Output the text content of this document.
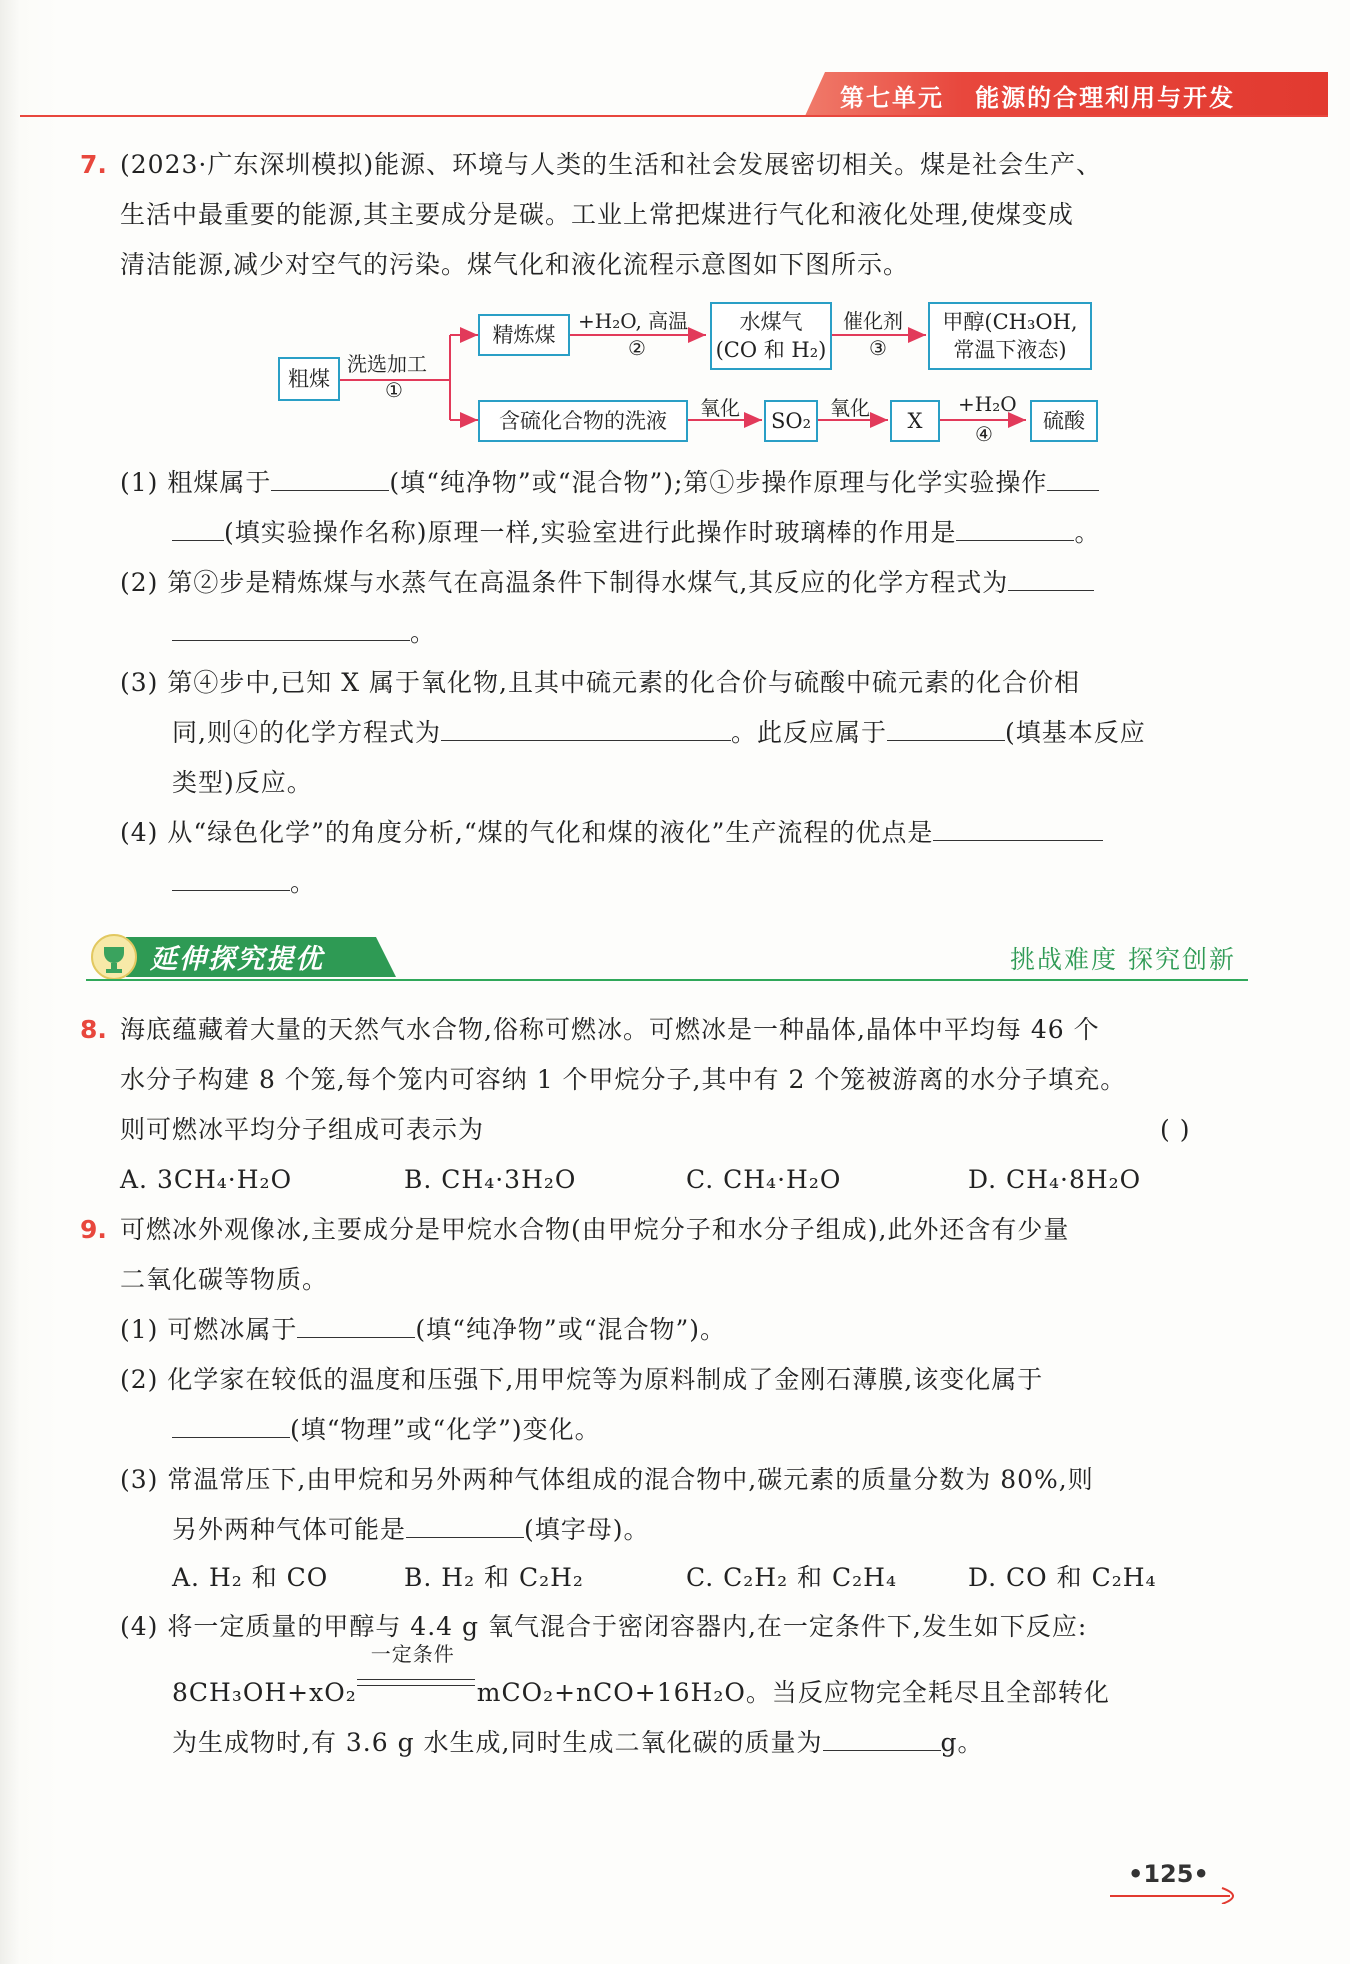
第七单元 能源的合理利用与开发
7. (2023·广东深圳模拟)能源、环境与人类的生活和社会发展密切相关。煤是社会生产、
生活中最重要的能源,其主要成分是碳。工业上常把煤进行气化和液化处理,使煤变成
清洁能源,减少对空气的污染。煤气化和液化流程示意图如下图所示。
粗煤
洗选加工
①
精炼煤
+H₂O, 高温
②
水煤气
(CO 和 H₂)
催化剂
③
甲醇(CH₃OH,
常温下液态)
含硫化合物的洗液
氧化
SO₂
氧化
X
+H₂O
④
硫酸
(1) 粗煤属于	(填“纯净物”或“混合物”);第①步操作原理与化学实验操作
(填实验操作名称)原理一样,实验室进行此操作时玻璃棒的作用是	。
(2) 第②步是精炼煤与水蒸气在高温条件下制得水煤气,其反应的化学方程式为
。
(3) 第④步中,已知 X 属于氧化物,且其中硫元素的化合价与硫酸中硫元素的化合价相
同,则④的化学方程式为	。此反应属于	(填基本反应
类型)反应。
(4) 从“绿色化学”的角度分析,“煤的气化和煤的液化”生产流程的优点是
。
延伸探究提优	挑战难度 探究创新
8. 海底蕴藏着大量的天然气水合物,俗称可燃冰。可燃冰是一种晶体,晶体中平均每 46 个
水分子构建 8 个笼,每个笼内可容纳 1 个甲烷分子,其中有 2 个笼被游离的水分子填充。
则可燃冰平均分子组成可表示为	( )
A. 3CH₄·H₂O	B. CH₄·3H₂O	C. CH₄·H₂O	D. CH₄·8H₂O
9. 可燃冰外观像冰,主要成分是甲烷水合物(由甲烷分子和水分子组成),此外还含有少量
二氧化碳等物质。
(1) 可燃冰属于	(填“纯净物”或“混合物”)。
(2) 化学家在较低的温度和压强下,用甲烷等为原料制成了金刚石薄膜,该变化属于
(填“物理”或“化学”)变化。
(3) 常温常压下,由甲烷和另外两种气体组成的混合物中,碳元素的质量分数为 80%,则
另外两种气体可能是	(填字母)。
A. H₂ 和 CO	B. H₂ 和 C₂H₂	C. C₂H₂ 和 C₂H₄	D. CO 和 C₂H₄
(4) 将一定质量的甲醇与 4.4 g 氧气混合于密闭容器内,在一定条件下,发生如下反应:
8CH₃OH+xO₂
一定条件
mCO₂+nCO+16H₂O。当反应物完全耗尽且全部转化
为生成物时,有 3.6 g 水生成,同时生成二氧化碳的质量为	g。
•125•
